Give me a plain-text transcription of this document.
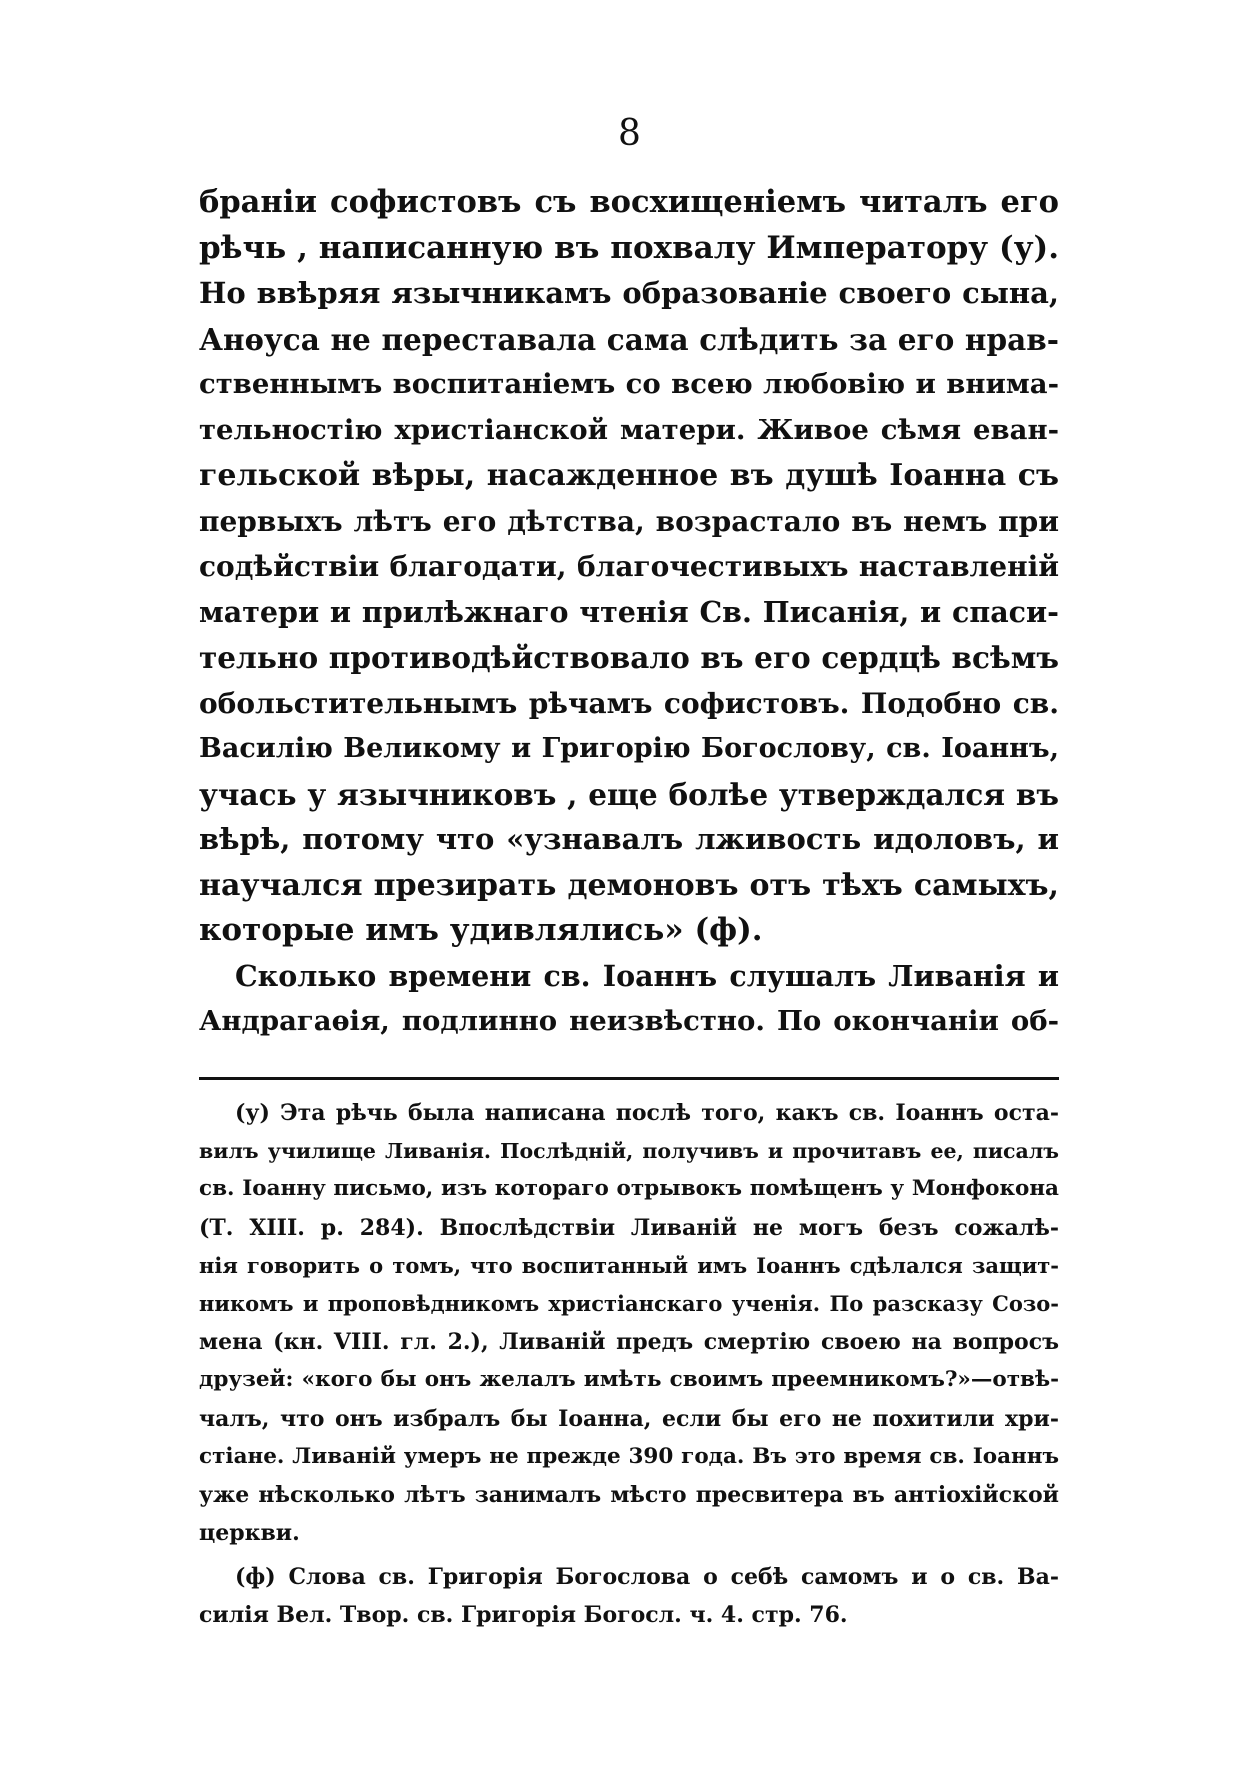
8
браніи софистовъ съ восхищеніемъ читалъ его
рѣчь , написанную въ похвалу Императору (у).
Но ввѣряя язычникамъ образованіе своего сына,
Анѳуса не переставала сама слѣдить за его нрав-
ственнымъ воспитаніемъ со всею любовію и внима-
тельностію христіанской матери. Живое сѣмя еван-
гельской вѣры, насажденное въ душѣ Іоанна съ
первыхъ лѣтъ его дѣтства, возрастало въ немъ при
содѣйствіи благодати, благочестивыхъ наставленій
матери и прилѣжнаго чтенія Св. Писанія, и спаси-
тельно противодѣйствовало въ его сердцѣ всѣмъ
обольстительнымъ рѣчамъ софистовъ. Подобно св.
Василію Великому и Григорію Богослову, св. Іоаннъ,
учась у язычниковъ , еще болѣе утверждался въ
вѣрѣ, потому что «узнавалъ лживость идоловъ, и
научался презирать демоновъ отъ тѣхъ самыхъ,
которые имъ удивлялись» (ф).
Сколько времени св. Іоаннъ слушалъ Ливанія и
Андрагаѳія, подлинно неизвѣстно. По окончаніи об-
(у) Эта рѣчь была написана послѣ того, какъ св. Іоаннъ оста-
вилъ училище Ливанія. Послѣдній, получивъ и прочитавъ ее, писалъ
св. Іоанну письмо, изъ котораго отрывокъ помѣщенъ у Монфокона
(Т. XIII. р. 284). Впослѣдствіи Ливаній не могъ безъ сожалѣ-
нія говорить о томъ, что воспитанный имъ Іоаннъ сдѣлался защит-
никомъ и проповѣдникомъ христіанскаго ученія. По разсказу Созо-
мена (кн. VIII. гл. 2.), Ливаній предъ смертію своею на вопросъ
друзей: «кого бы онъ желалъ имѣть своимъ преемникомъ?»—отвѣ-
чалъ, что онъ избралъ бы Іоанна, если бы его не похитили хри-
стіане. Ливаній умеръ не прежде 390 года. Въ это время св. Іоаннъ
уже нѣсколько лѣтъ занималъ мѣсто пресвитера въ антіохійской
церкви.
(ф) Слова св. Григорія Богослова о себѣ самомъ и о св. Ва-
силія Вел. Твор. св. Григорія Богосл. ч. 4. стр. 76.
